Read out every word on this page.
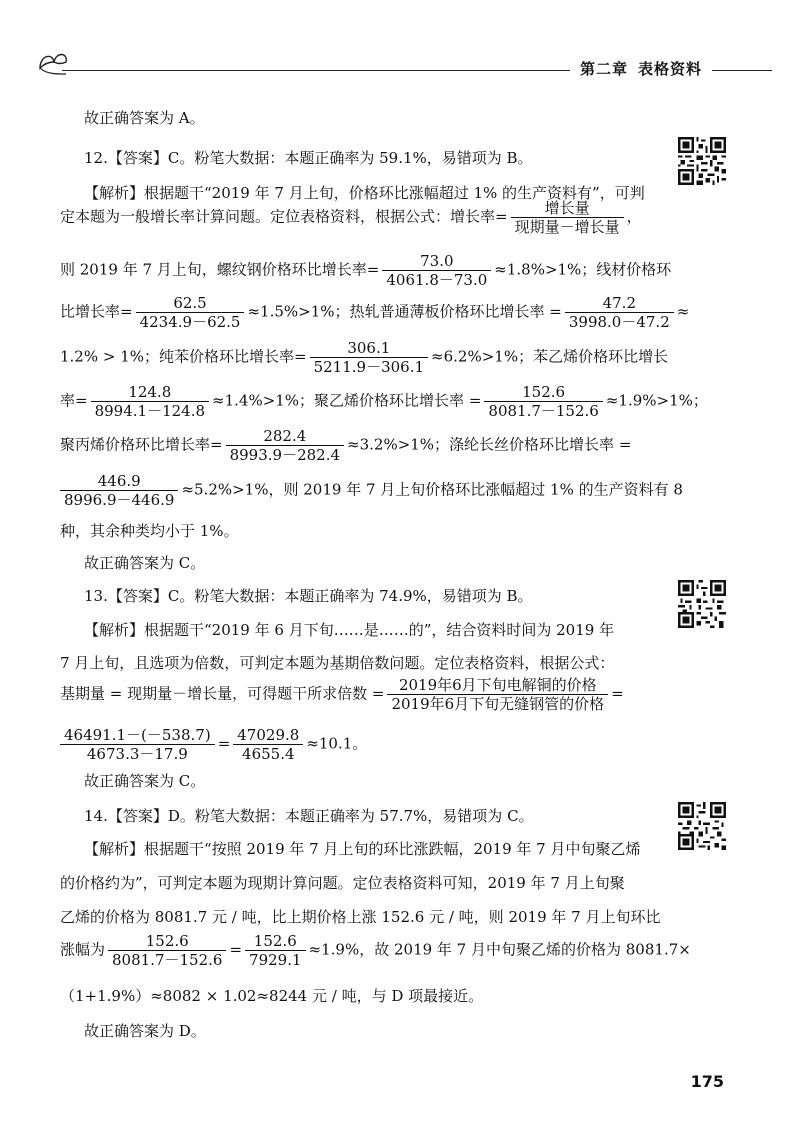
第二章 表格资料
故正确答案为 A。
12.【答案】C。粉笔大数据：本题正确率为 59.1%，易错项为 B。
【解析】根据题干“2019 年 7 月上旬，价格环比涨幅超过 1% 的生产资料有”，可判
定本题为一般增长率计算问题。定位表格资料，根据公式：增长率= $\frac{\text{增长量}}{\text{现期量－增长量}}$ ，
则 2019 年 7 月上旬，螺纹钢价格环比增长率= $\frac{73.0}{4061.8-73.0} \approx 1.8\%>1\%$；线材价格环
比增长率= $\frac{62.5}{4234.9-62.5} \approx 1.5\%>1\%$；热轧普通薄板价格环比增长率 = $\frac{47.2}{3998.0-47.2}$ ≈
1.2% > 1%；纯苯价格环比增长率= $\frac{306.1}{5211.9-306.1} \approx 6.2\%>1\%$；苯乙烯价格环比增长
率= $\frac{124.8}{8994.1-124.8} \approx 1.4\%>1\%$；聚乙烯价格环比增长率 = $\frac{152.6}{8081.7-152.6} \approx 1.9\%>1\%$；
聚丙烯价格环比增长率= $\frac{282.4}{8993.9-282.4} \approx 3.2\%>1\%$；涤纶长丝价格环比增长率 =
$\frac{446.9}{8996.9-446.9} \approx 5.2\%>1\%$，则 2019 年 7 月上旬价格环比涨幅超过 1% 的生产资料有 8
种，其余种类均小于 1%。
故正确答案为 C。
13.【答案】C。粉笔大数据：本题正确率为 74.9%，易错项为 B。
【解析】根据题干“2019 年 6 月下旬……是……的”，结合资料时间为 2019 年
7 月上旬，且选项为倍数，可判定本题为基期倍数问题。定位表格资料，根据公式：
基期量 = 现期量－增长量，可得题干所求倍数 = $\frac{\text{2019年6月下旬电解铜的价格}}{\text{2019年6月下旬无缝钢管的价格}}$ =
$\frac{46491.1-(-538.7)}{4673.3-17.9} = \frac{47029.8}{4655.4} \approx 10.1$。
故正确答案为 C。
14.【答案】D。粉笔大数据：本题正确率为 57.7%，易错项为 C。
【解析】根据题干“按照 2019 年 7 月上旬的环比涨跌幅，2019 年 7 月中旬聚乙烯
的价格约为”，可判定本题为现期计算问题。定位表格资料可知，2019 年 7 月上旬聚
乙烯的价格为 8081.7 元 / 吨，比上期价格上涨 152.6 元 / 吨，则 2019 年 7 月上旬环比
涨幅为 $\frac{152.6}{8081.7-152.6} = \frac{152.6}{7929.1} \approx 1.9\%$，故 2019 年 7 月中旬聚乙烯的价格为 8081.7×
（1+1.9%）≈8082 × 1.02≈8244 元 / 吨，与 D 项最接近。
故正确答案为 D。
175
